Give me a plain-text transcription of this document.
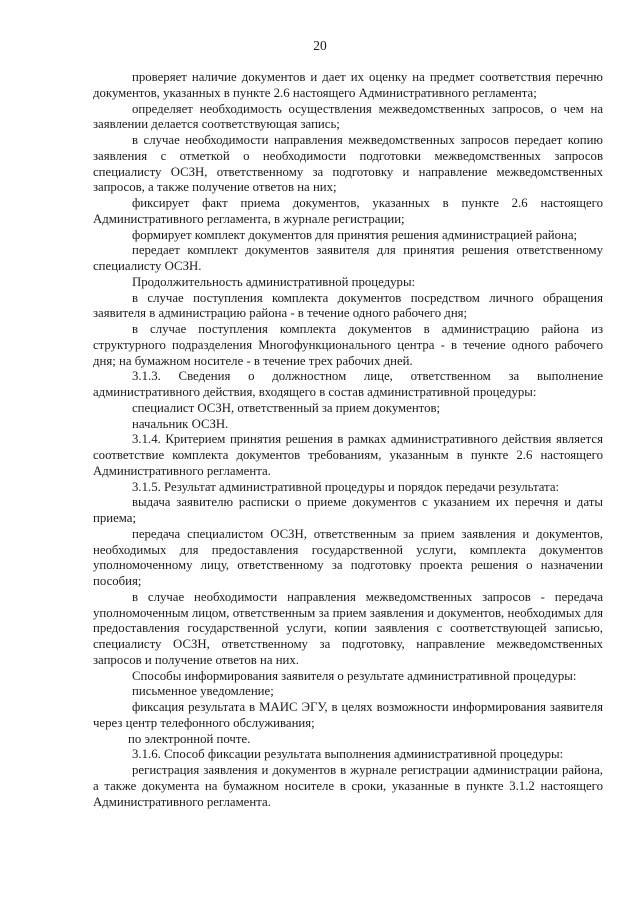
20

проверяет наличие документов и дает их оценку на предмет соответствия перечню документов, указанных в пункте 2.6 настоящего Административного регламента;

определяет необходимость осуществления межведомственных запросов, о чем на заявлении делается соответствующая запись;

в случае необходимости направления межведомственных запросов передает копию заявления с отметкой о необходимости подготовки межведомственных запросов специалисту ОСЗН, ответственному за подготовку и направление межведомственных запросов, а также получение ответов на них;

фиксирует факт приема документов, указанных в пункте 2.6 настоящего Административного регламента, в журнале регистрации;

формирует комплект документов для принятия решения администрацией района;

передает комплект документов заявителя для принятия решения ответственному специалисту ОСЗН.

Продолжительность административной процедуры:

в случае поступления комплекта документов посредством личного обращения заявителя в администрацию района - в течение одного рабочего дня;

в случае поступления комплекта документов в администрацию района из структурного подразделения Многофункционального центра - в течение одного рабочего дня; на бумажном носителе - в течение трех рабочих дней.

3.1.3. Сведения о должностном лице, ответственном за выполнение административного действия, входящего в состав административной процедуры:

специалист ОСЗН, ответственный за прием документов;

начальник ОСЗН.

3.1.4. Критерием принятия решения в рамках административного действия является соответствие комплекта документов требованиям, указанным в пункте 2.6 настоящего Административного регламента.

3.1.5. Результат административной процедуры и порядок передачи результата:

выдача заявителю расписки о приеме документов с указанием их перечня и даты приема;

передача специалистом ОСЗН, ответственным за прием заявления и документов, необходимых для предоставления государственной услуги, комплекта документов уполномоченному лицу, ответственному за подготовку проекта решения о назначении пособия;

в случае необходимости направления межведомственных запросов - передача уполномоченным лицом, ответственным за прием заявления и документов, необходимых для предоставления государственной услуги, копии заявления с соответствующей записью, специалисту ОСЗН, ответственному за подготовку, направление межведомственных запросов и получение ответов на них.

Способы информирования заявителя о результате административной процедуры:

письменное уведомление;

фиксация результата в МАИС ЭГУ, в целях возможности информирования заявителя через центр телефонного обслуживания;

по электронной почте.

3.1.6. Способ фиксации результата выполнения административной процедуры:

регистрация заявления и документов в журнале регистрации администрации района, а также документа на бумажном носителе в сроки, указанные в пункте 3.1.2 настоящего Административного регламента.
